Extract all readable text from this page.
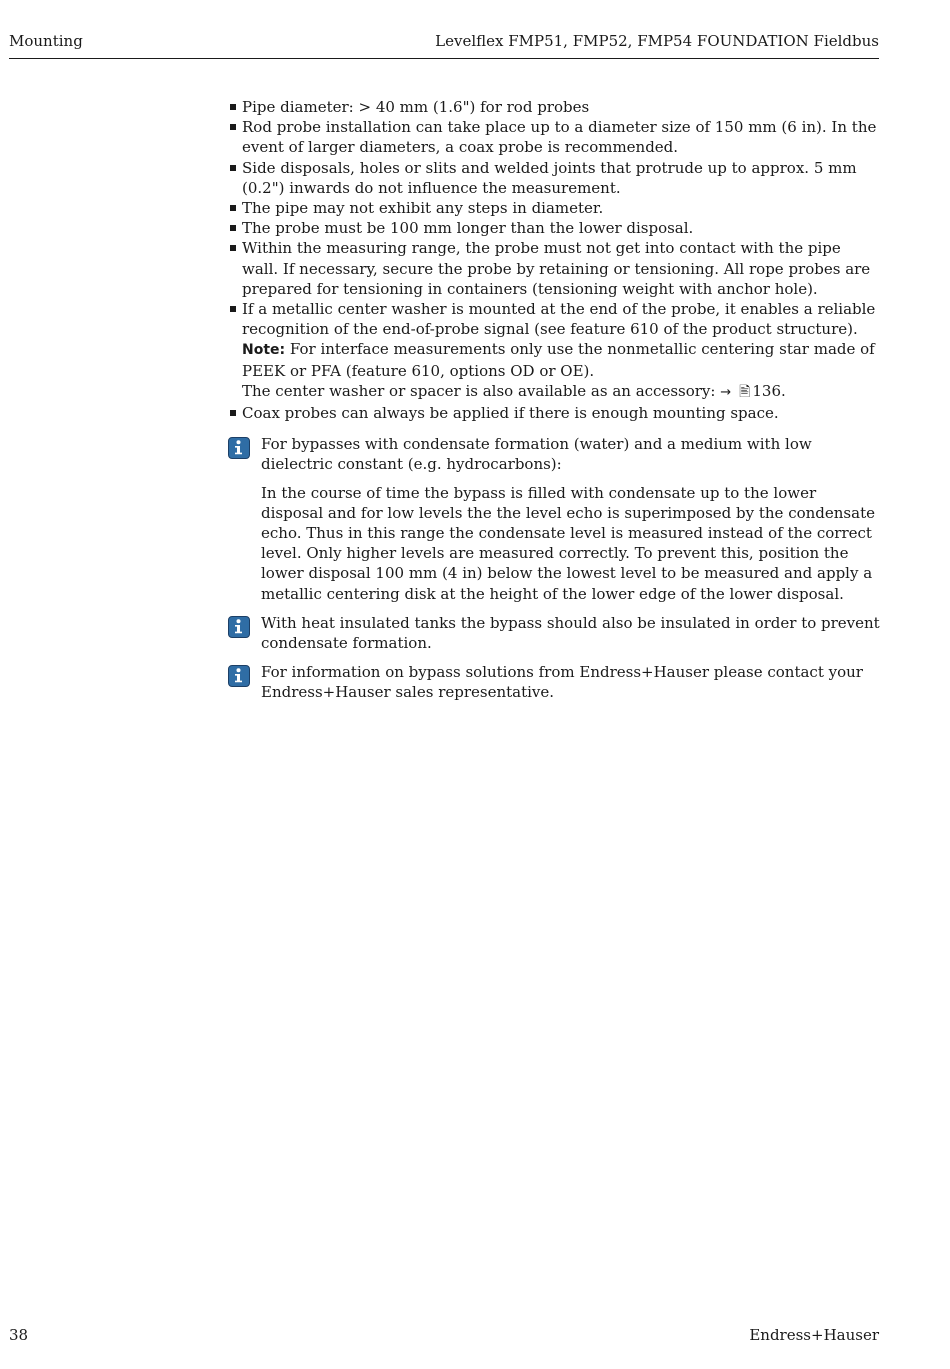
Mounting	Levelflex FMP51, FMP52, FMP54 FOUNDATION Fieldbus
Pipe diameter: > 40 mm (1.6") for rod probes
Rod probe installation can take place up to a diameter size of 150 mm (6 in). In the event of larger diameters, a coax probe is recommended.
Side disposals, holes or slits and welded joints that protrude up to approx. 5 mm (0.2") inwards do not influence the measurement.
The pipe may not exhibit any steps in diameter.
The probe must be 100 mm longer than the lower disposal.
Within the measuring range, the probe must not get into contact with the pipe wall. If necessary, secure the probe by retaining or tensioning. All rope probes are prepared for tensioning in containers (tensioning weight with anchor hole).
If a metallic center washer is mounted at the end of the probe, it enables a reliable recognition of the end-of-probe signal (see feature 610 of the product structure).
Note: For interface measurements only use the nonmetallic centering star made of PEEK or PFA (feature 610, options OD or OE).
The center washer or spacer is also available as an accessory: → 🖹 136.
Coax probes can always be applied if there is enough mounting space.

For bypasses with condensate formation (water) and a medium with low dielectric constant (e.g. hydrocarbons):

In the course of time the bypass is filled with condensate up to the lower disposal and for low levels the the level echo is superimposed by the condensate echo. Thus in this range the condensate level is measured instead of the correct level. Only higher levels are measured correctly. To prevent this, position the lower disposal 100 mm (4 in) below the lowest level to be measured and apply a metallic centering disk at the height of the lower edge of the lower disposal.

With heat insulated tanks the bypass should also be insulated in order to prevent condensate formation.

For information on bypass solutions from Endress+Hauser please contact your Endress+Hauser sales representative.

38	Endress+Hauser
